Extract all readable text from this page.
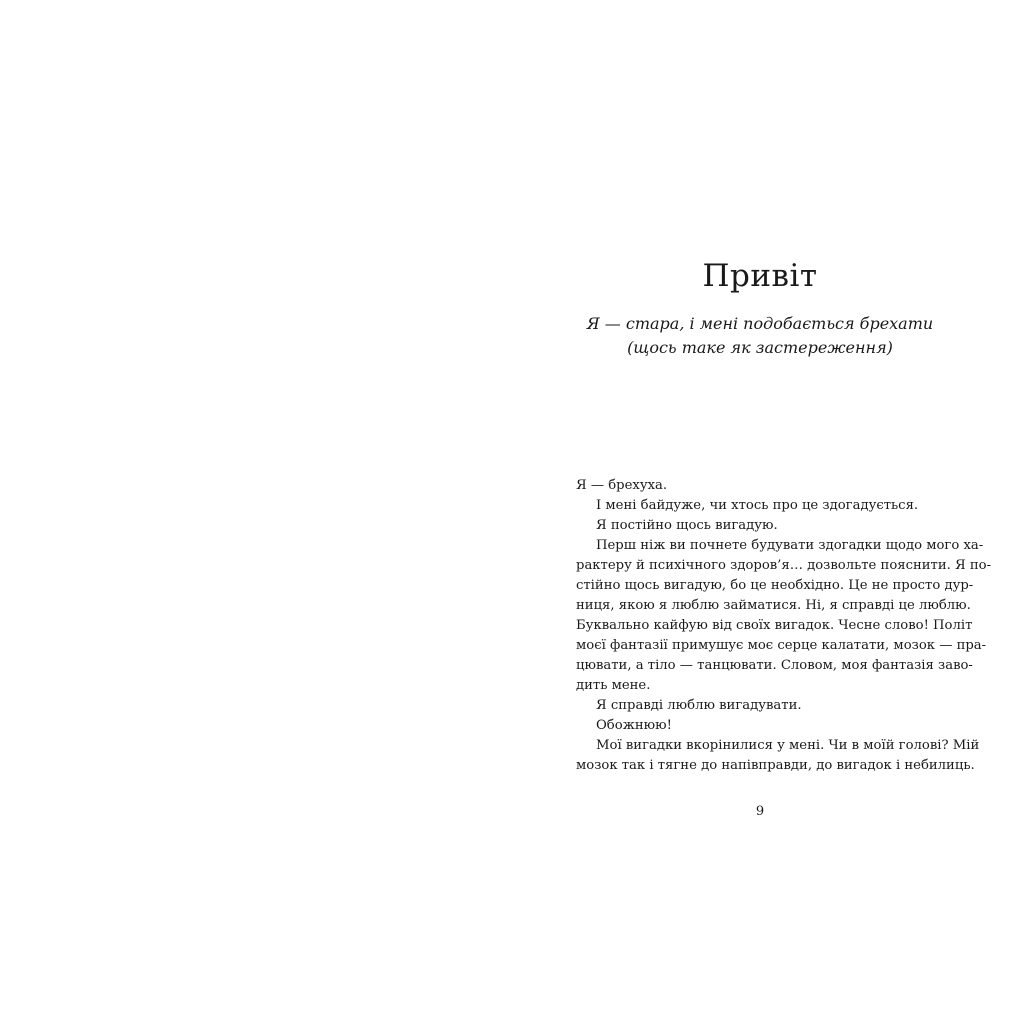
Привіт
Я — стара, і мені подобається брехати
(щось таке як застереження)
Я — брехуха.
І мені байдуже, чи хтось про це здогадується.
Я постійно щось вигадую.
Перш ніж ви почнете будувати здогадки щодо мого ха-
рактеру й психічного здоров’я… дозвольте пояснити. Я по-
стійно щось вигадую, бо це необхідно. Це не просто дур-
ниця, якою я люблю займатися. Ні, я справді це люблю.
Буквально кайфую від своїх вигадок. Чесне слово! Політ
моєї фантазії примушує моє серце калатати, мозок — пра-
цювати, а тіло — танцювати. Словом, моя фантазія заво-
дить мене.
Я справді люблю вигадувати.
Обожнюю!
Мої вигадки вкорінилися у мені. Чи в моїй голові? Мій
мозок так і тягне до напівправди, до вигадок і небилиць.
9
